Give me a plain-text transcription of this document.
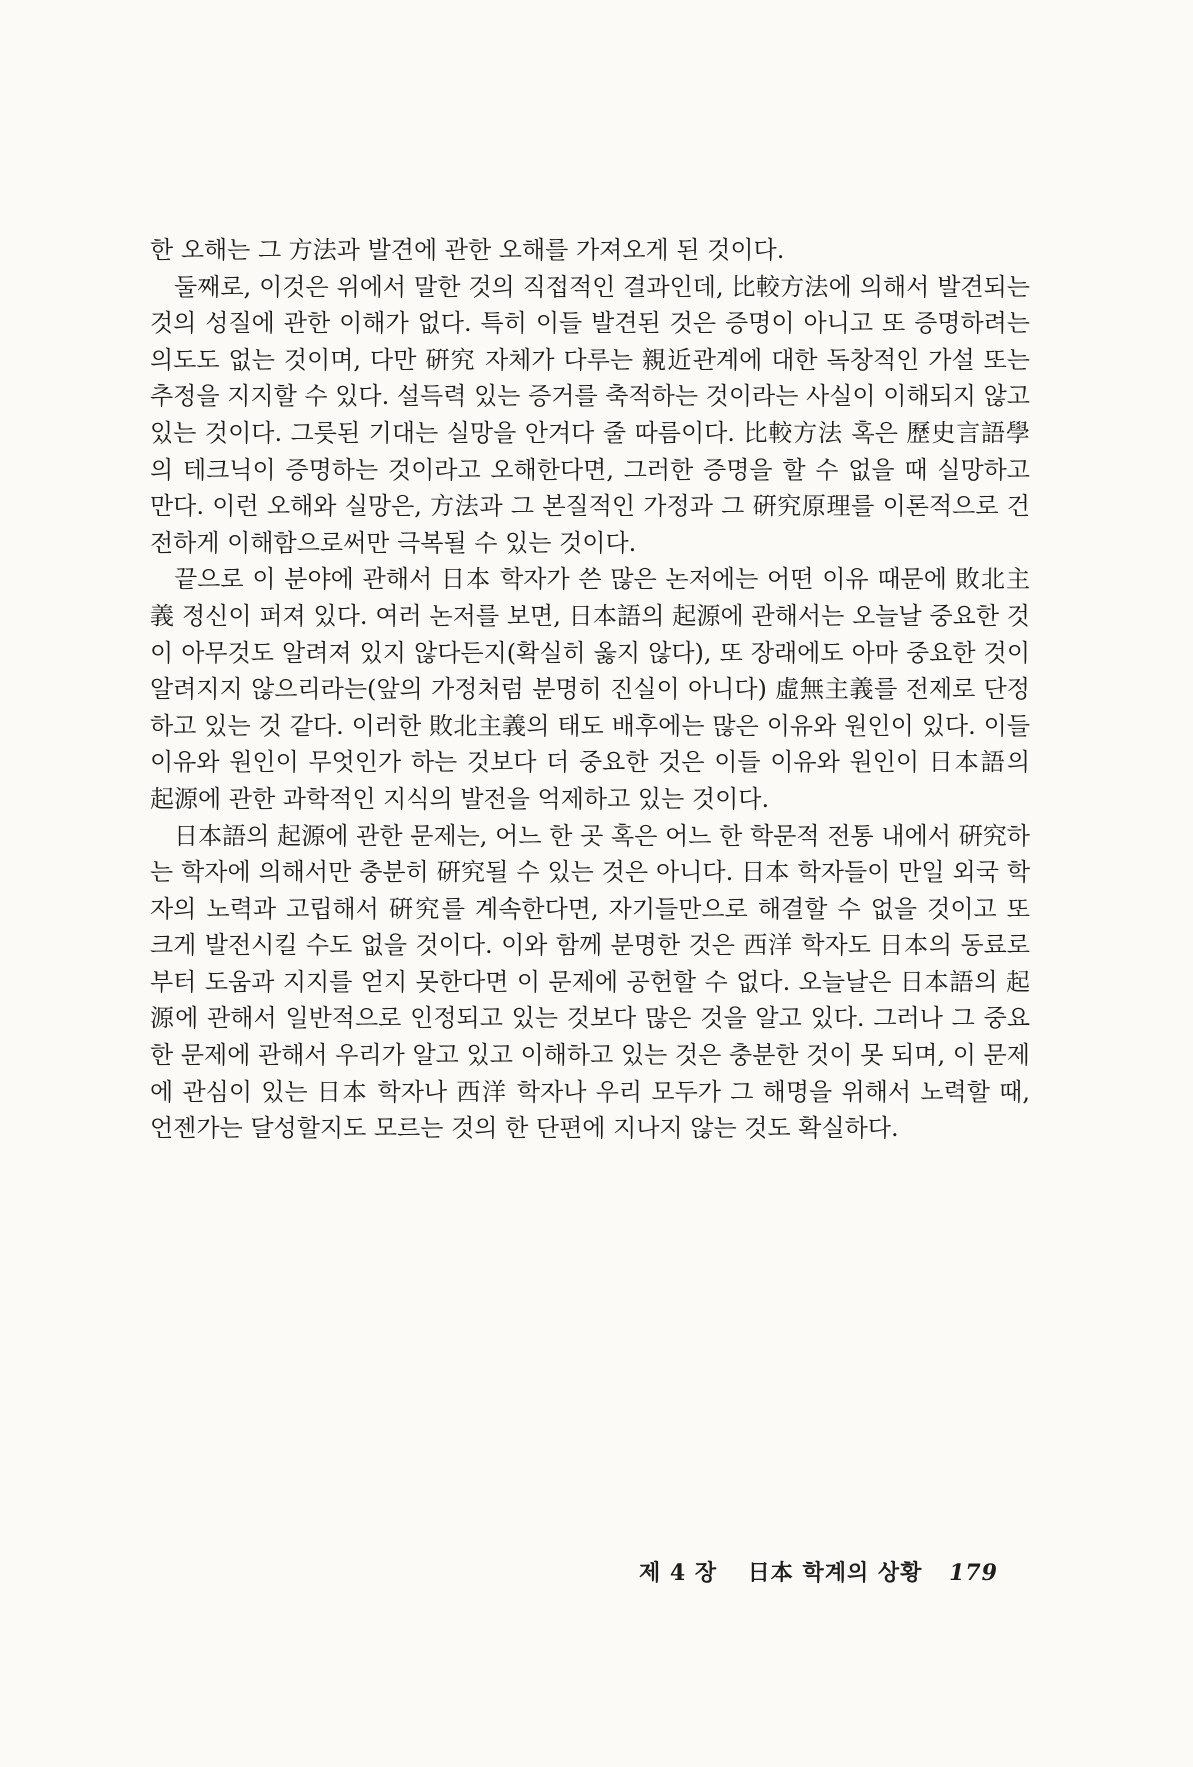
한 오해는 그 方法과 발견에 관한 오해를 가져오게 된 것이다.

둘째로, 이것은 위에서 말한 것의 직접적인 결과인데, 比較方法에 의해서 발견되는 것의 성질에 관한 이해가 없다. 특히 이들 발견된 것은 증명이 아니고 또 증명하려는 의도도 없는 것이며, 다만 硏究 자체가 다루는 親近관계에 대한 독창적인 가설 또는 추정을 지지할 수 있다. 설득력 있는 증거를 축적하는 것이라는 사실이 이해되지 않고 있는 것이다. 그릇된 기대는 실망을 안겨다 줄 따름이다. 比較方法 혹은 歷史言語學의 테크닉이 증명하는 것이라고 오해한다면, 그러한 증명을 할 수 없을 때 실망하고 만다. 이런 오해와 실망은, 方法과 그 본질적인 가정과 그 硏究原理를 이론적으로 건전하게 이해함으로써만 극복될 수 있는 것이다.

끝으로 이 분야에 관해서 日本 학자가 쓴 많은 논저에는 어떤 이유 때문에 敗北主義 정신이 퍼져 있다. 여러 논저를 보면, 日本語의 起源에 관해서는 오늘날 중요한 것이 아무것도 알려져 있지 않다든지(확실히 옳지 않다), 또 장래에도 아마 중요한 것이 알려지지 않으리라는(앞의 가정처럼 분명히 진실이 아니다) 虛無主義를 전제로 단정하고 있는 것 같다. 이러한 敗北主義의 태도 배후에는 많은 이유와 원인이 있다. 이들 이유와 원인이 무엇인가 하는 것보다 더 중요한 것은 이들 이유와 원인이 日本語의 起源에 관한 과학적인 지식의 발전을 억제하고 있는 것이다.

日本語의 起源에 관한 문제는, 어느 한 곳 혹은 어느 한 학문적 전통 내에서 硏究하는 학자에 의해서만 충분히 硏究될 수 있는 것은 아니다. 日本 학자들이 만일 외국 학자의 노력과 고립해서 硏究를 계속한다면, 자기들만으로 해결할 수 없을 것이고 또 크게 발전시킬 수도 없을 것이다. 이와 함께 분명한 것은 西洋 학자도 日本의 동료로부터 도움과 지지를 얻지 못한다면 이 문제에 공헌할 수 없다. 오늘날은 日本語의 起源에 관해서 일반적으로 인정되고 있는 것보다 많은 것을 알고 있다. 그러나 그 중요한 문제에 관해서 우리가 알고 있고 이해하고 있는 것은 충분한 것이 못 되며, 이 문제에 관심이 있는 日本 학자나 西洋 학자나 우리 모두가 그 해명을 위해서 노력할 때, 언젠가는 달성할지도 모르는 것의 한 단편에 지나지 않는 것도 확실하다.

제 4 장 日本 학계의 상황 179
